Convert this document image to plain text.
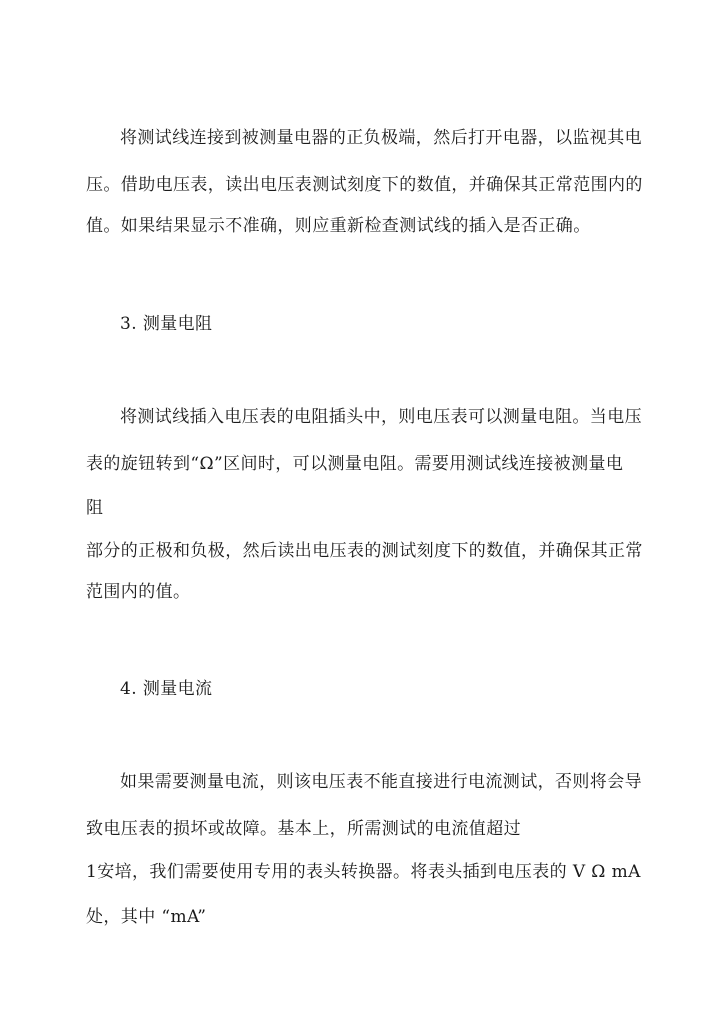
将测试线连接到被测量电器的正负极端，然后打开电器，以监视其电
压。借助电压表，读出电压表测试刻度下的数值，并确保其正常范围内的
值。如果结果显示不准确，则应重新检查测试线的插入是否正确。
3. 测量电阻
将测试线插入电压表的电阻插头中，则电压表可以测量电阻。当电压
表的旋钮转到“Ω”区间时，可以测量电阻。需要用测试线连接被测量电
阻
部分的正极和负极，然后读出电压表的测试刻度下的数值，并确保其正常
范围内的值。
4. 测量电流
如果需要测量电流，则该电压表不能直接进行电流测试，否则将会导
致电压表的损坏或故障。基本上，所需测试的电流值超过
1安培，我们需要使用专用的表头转换器。将表头插到电压表的 V Ω mA
处，其中 “mA”
